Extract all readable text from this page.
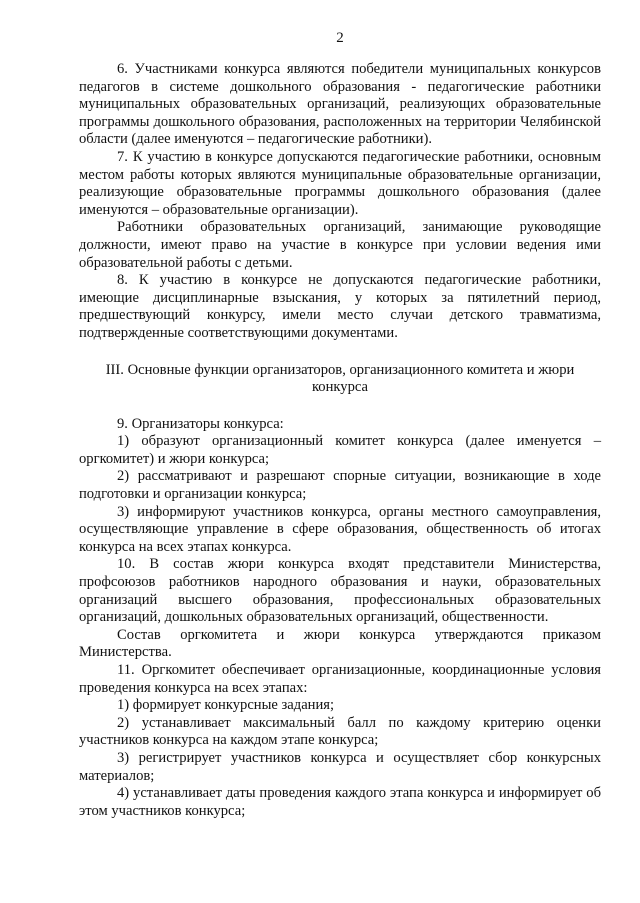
2

6. Участниками конкурса являются победители муниципальных конкурсов педагогов в системе дошкольного образования - педагогические работники муниципальных образовательных организаций, реализующих образовательные программы дошкольного образования, расположенных на территории Челябинской области (далее именуются – педагогические работники).

7. К участию в конкурсе допускаются педагогические работники, основным местом работы которых являются муниципальные образовательные организации, реализующие образовательные программы дошкольного образования (далее именуются – образовательные организации).

Работники образовательных организаций, занимающие руководящие должности, имеют право на участие в конкурсе при условии ведения ими образовательной работы с детьми.

8. К участию в конкурсе не допускаются педагогические работники, имеющие дисциплинарные взыскания, у которых за пятилетний период, предшествующий конкурсу, имели место случаи детского травматизма, подтвержденные соответствующими документами.

III. Основные функции организаторов, организационного комитета и жюри конкурса

9. Организаторы конкурса:

1) образуют организационный комитет конкурса (далее именуется – оргкомитет) и жюри конкурса;

2) рассматривают и разрешают спорные ситуации, возникающие в ходе подготовки и организации конкурса;

3) информируют участников конкурса, органы местного самоуправления, осуществляющие управление в сфере образования, общественность об итогах конкурса на всех этапах конкурса.

10. В состав жюри конкурса входят представители Министерства, профсоюзов работников народного образования и науки, образовательных организаций высшего образования, профессиональных образовательных организаций, дошкольных образовательных организаций, общественности.

Состав оргкомитета и жюри конкурса утверждаются приказом Министерства.

11. Оргкомитет обеспечивает организационные, координационные условия проведения конкурса на всех этапах:

1) формирует конкурсные задания;

2) устанавливает максимальный балл по каждому критерию оценки участников конкурса на каждом этапе конкурса;

3) регистрирует участников конкурса и осуществляет сбор конкурсных материалов;

4) устанавливает даты проведения каждого этапа конкурса и информирует об этом участников конкурса;
